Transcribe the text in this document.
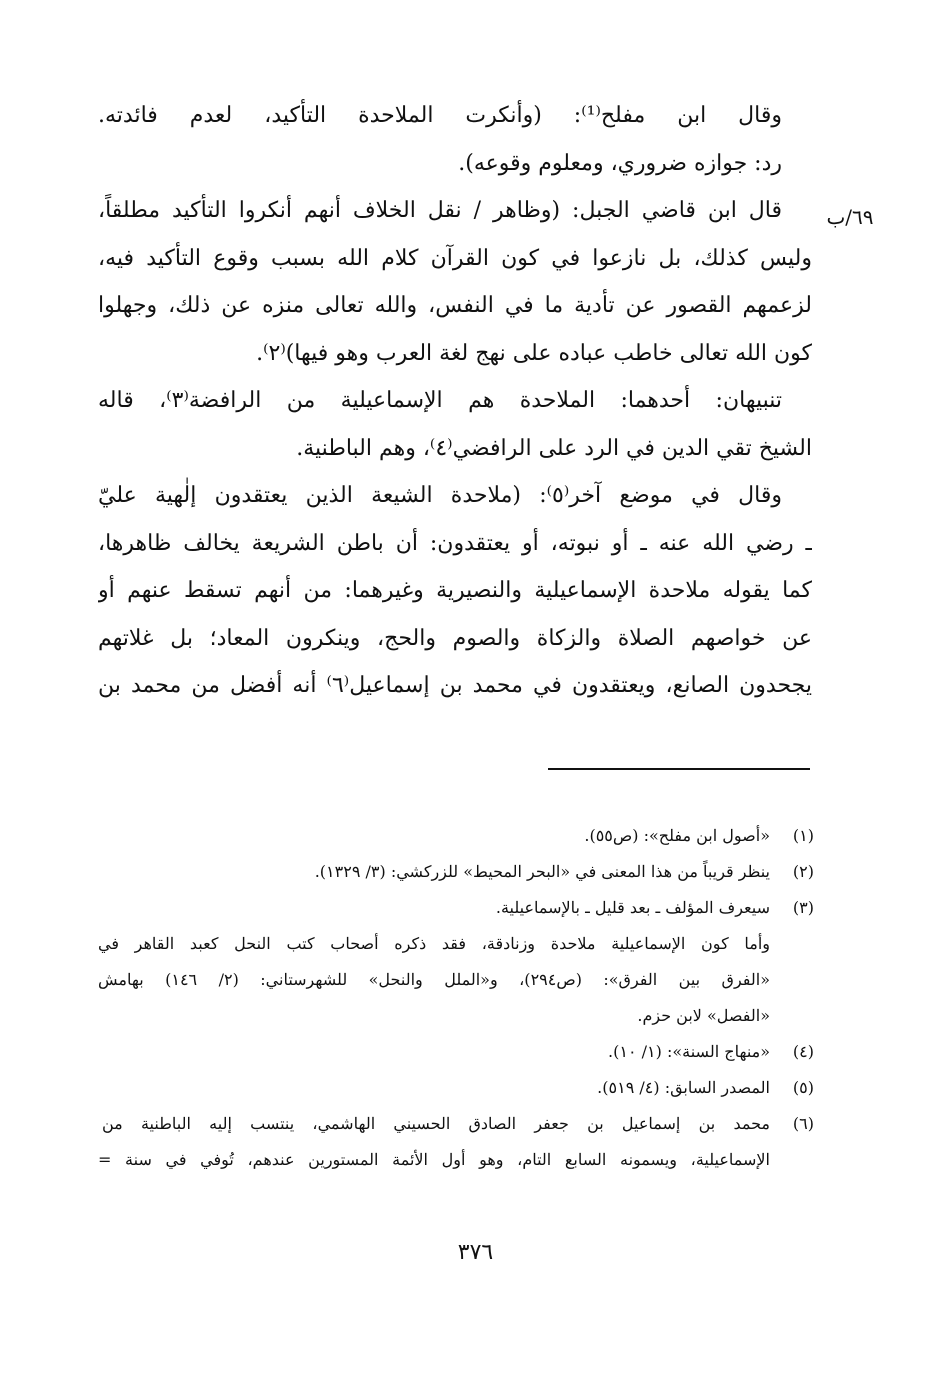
٦٩/ب
وقال ابن مفلح⁽¹⁾: (وأنكرت الملاحدة التأكيد، لعدم فائدته.
رد: جوازه ضروري، ومعلوم وقوعه).
قال ابن قاضي الجبل: (وظاهر / نقل الخلاف أنهم أنكروا التأكيد مطلقاً،
وليس كذلك، بل نازعوا في كون القرآن كلام الله بسبب وقوع التأكيد فيه،
لزعمهم القصور عن تأدية ما في النفس، والله تعالى منزه عن ذلك، وجهلوا
كون الله تعالى خاطب عباده على نهج لغة العرب وهو فيها)⁽٢⁾.
تنبيهان: أحدهما: الملاحدة هم الإسماعيلية من الرافضة⁽٣⁾، قاله
الشيخ تقي الدين في الرد على الرافضي⁽٤⁾، وهم الباطنية.
وقال في موضع آخر⁽٥⁾: (ملاحدة الشيعة الذين يعتقدون إلٰهية عليّ
ـ رضي الله عنه ـ أو نبوته، أو يعتقدون: أن باطن الشريعة يخالف ظاهرها،
كما يقوله ملاحدة الإسماعيلية والنصيرية وغيرهما: من أنهم تسقط عنهم أو
عن خواصهم الصلاة والزكاة والصوم والحج، وينكرون المعاد؛ بل غلاتهم
يجحدون الصانع، ويعتقدون في محمد بن إسماعيل⁽٦⁾ أنه أفضل من محمد بن
(١)«أصول ابن مفلح»: (ص٥٥).
(٢)ينظر قريباً من هذا المعنى في «البحر المحيط» للزركشي: (٣/ ١٣٢٩).
(٣)سيعرف المؤلف ـ بعد قليل ـ بالإسماعيلية.
وأما كون الإسماعيلية ملاحدة وزنادقة، فقد ذكره أصحاب كتب النحل كعبد القاهر في
«الفرق بين الفرق»: (ص٢٩٤)، و«الملل والنحل» للشهرستاني: (٢/ ١٤٦) بهامش
«الفصل» لابن حزم.
(٤)«منهاج السنة»: (١/ ١٠).
(٥)المصدر السابق: (٤/ ٥١٩).
(٦)محمد بن إسماعيل بن جعفر الصادق الحسيني الهاشمي، ينتسب إليه الباطنية من
الإسماعيلية، ويسمونه السابع التام، وهو أول الأئمة المستورين عندهم، تُوفي في سنة =
٣٧٦
